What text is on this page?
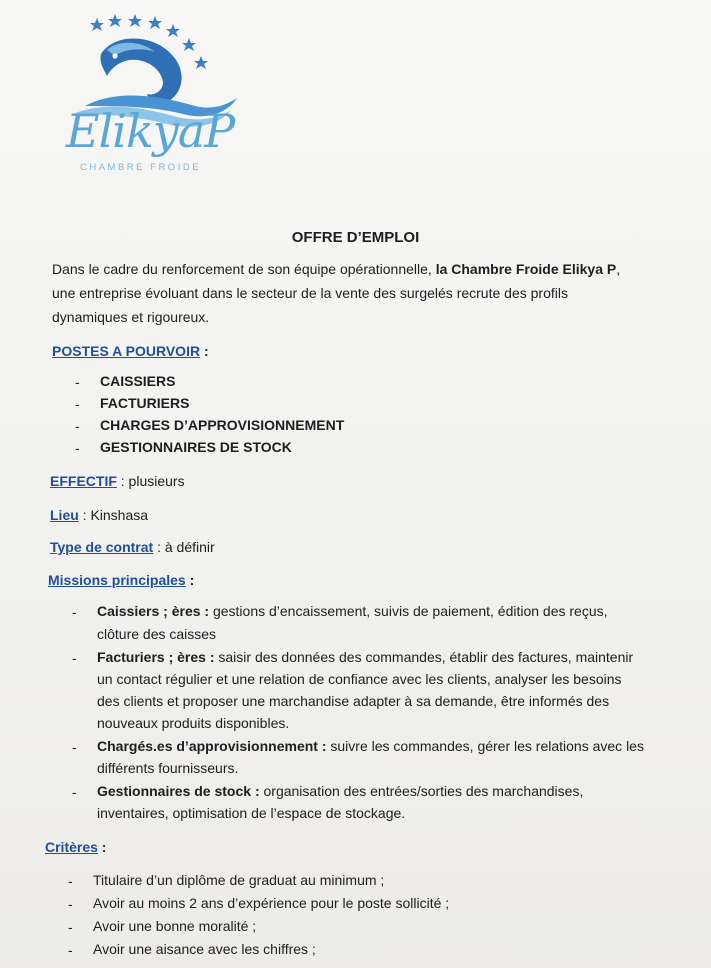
ElikyaP
CHAMBRE FROIDE
OFFRE D’EMPLOI
Dans le cadre du renforcement de son équipe opérationnelle, la Chambre Froide Elikya P,
une entreprise évoluant dans le secteur de la vente des surgelés recrute des profils
dynamiques et rigoureux.
POSTES A POURVOIR :
- CAISSIERS
- FACTURIERS
- CHARGES D’APPROVISIONNEMENT
- GESTIONNAIRES DE STOCK
EFFECTIF : plusieurs
Lieu : Kinshasa
Type de contrat : à définir
Missions principales :
- Caissiers ; ères : gestions d’encaissement, suivis de paiement, édition des reçus,
clôture des caisses
- Facturiers ; ères : saisir des données des commandes, établir des factures, maintenir
un contact régulier et une relation de confiance avec les clients, analyser les besoins
des clients et proposer une marchandise adapter à sa demande, être informés des
nouveaux produits disponibles.
- Chargés.es d’approvisionnement : suivre les commandes, gérer les relations avec les
différents fournisseurs.
- Gestionnaires de stock : organisation des entrées/sorties des marchandises,
inventaires, optimisation de l’espace de stockage.
Critères :
- Titulaire d’un diplôme de graduat au minimum ;
- Avoir au moins 2 ans d’expérience pour le poste sollicité ;
- Avoir une bonne moralité ;
- Avoir une aisance avec les chiffres ;
